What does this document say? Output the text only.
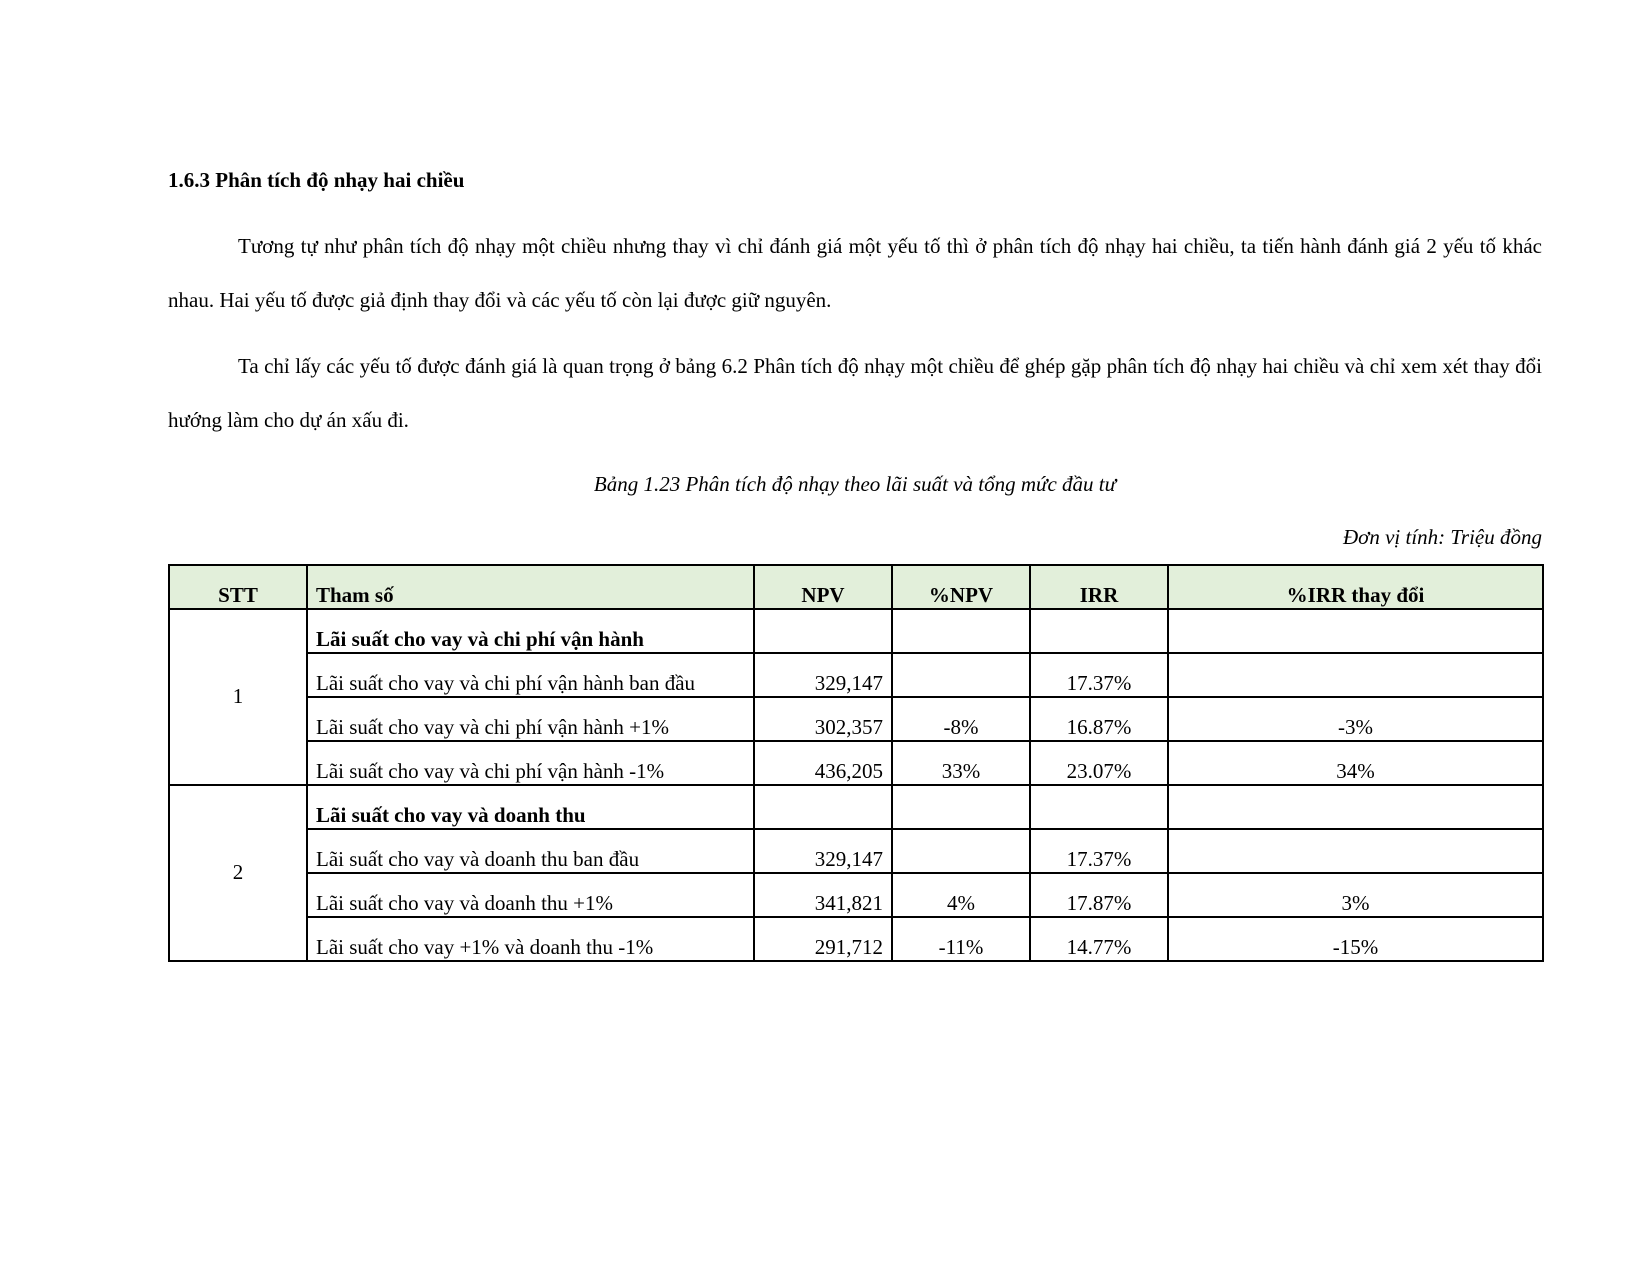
1.6.3 Phân tích độ nhạy hai chiều

Tương tự như phân tích độ nhạy một chiều nhưng thay vì chỉ đánh giá một yếu tố thì ở phân tích độ nhạy hai chiều, ta tiến hành đánh giá 2 yếu tố khác nhau. Hai yếu tố được giả định thay đổi và các yếu tố còn lại được giữ nguyên.

Ta chỉ lấy các yếu tố được đánh giá là quan trọng ở bảng 6.2 Phân tích độ nhạy một chiều để ghép gặp phân tích độ nhạy hai chiều và chỉ xem xét thay đổi hướng làm cho dự án xấu đi.

Bảng 1.23 Phân tích độ nhạy theo lãi suất và tổng mức đầu tư

Đơn vị tính: Triệu đồng

STT	Tham số	NPV	%NPV	IRR	%IRR thay đổi
1	Lãi suất cho vay và chi phí vận hành				
	Lãi suất cho vay và chi phí vận hành ban đầu	329,147		17.37%	
	Lãi suất cho vay và chi phí vận hành +1%	302,357	-8%	16.87%	-3%
	Lãi suất cho vay và chi phí vận hành -1%	436,205	33%	23.07%	34%
2	Lãi suất cho vay và doanh thu				
	Lãi suất cho vay và doanh thu ban đầu	329,147		17.37%	
	Lãi suất cho vay và doanh thu +1%	341,821	4%	17.87%	3%
	Lãi suất cho vay +1% và doanh thu -1%	291,712	-11%	14.77%	-15%
